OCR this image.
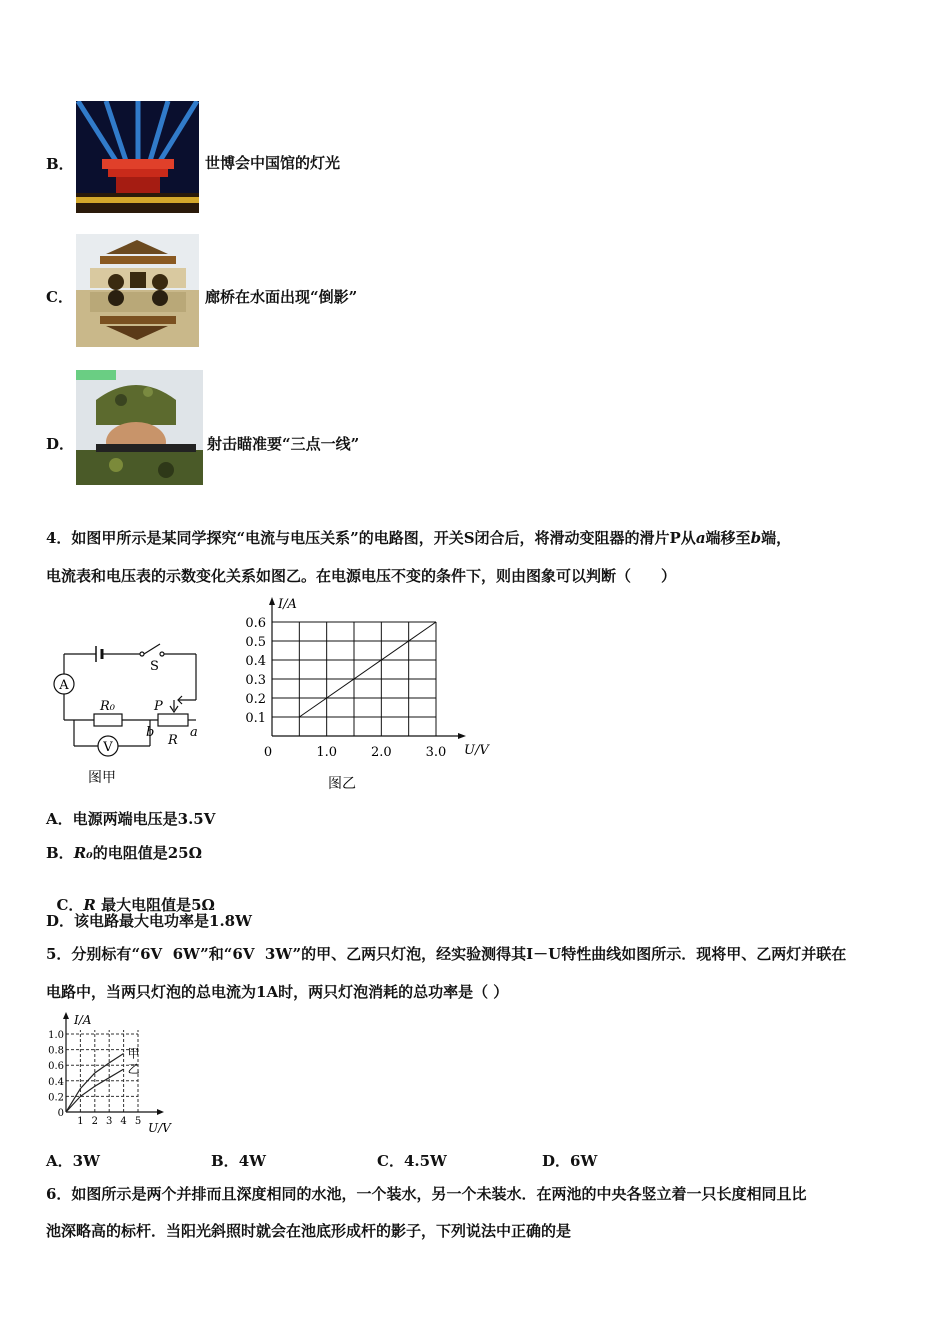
B．	世博会中国馆的灯光
C．	廊桥在水面出现“倒影”
D．	射击瞄准要“三点一线”
4．如图甲所示是某同学探究“电流与电压关系”的电路图，开关S闭合后，将滑动变阻器的滑片P从a端移至b端，
电流表和电压表的示数变化关系如图乙。在电源电压不变的条件下，则由图象可以判断（　　）
A
V
S
R₀	P
R
b	a
图甲
0.1
0.2
0.3
0.4
0.5
0.6
0	1.0	2.0	3.0
I/A
U/V
图乙
A．电源两端电压是3.5V
B．R₀的电阻值是25Ω

C．R 最大电阻值是5Ω

D．该电路最大电功率是1.8W
5．分别标有“6V  6W”和“6V  3W”的甲、乙两只灯泡，经实验测得其I－U特性曲线如图所示．现将甲、乙两灯并联在
电路中，当两只灯泡的总电流为1A时，两只灯泡消耗的总功率是（ ）
0
0.2
0.4
0.6
0.8
1.0
1 2 3 4 5
I/A
U/V
甲
乙
A．3W	B．4W	C．4.5W	D．6W
6．如图所示是两个并排而且深度相同的水池，一个装水，另一个未装水．在两池的中央各竖立着一只长度相同且比
池深略高的标杆．当阳光斜照时就会在池底形成杆的影子，下列说法中正确的是
